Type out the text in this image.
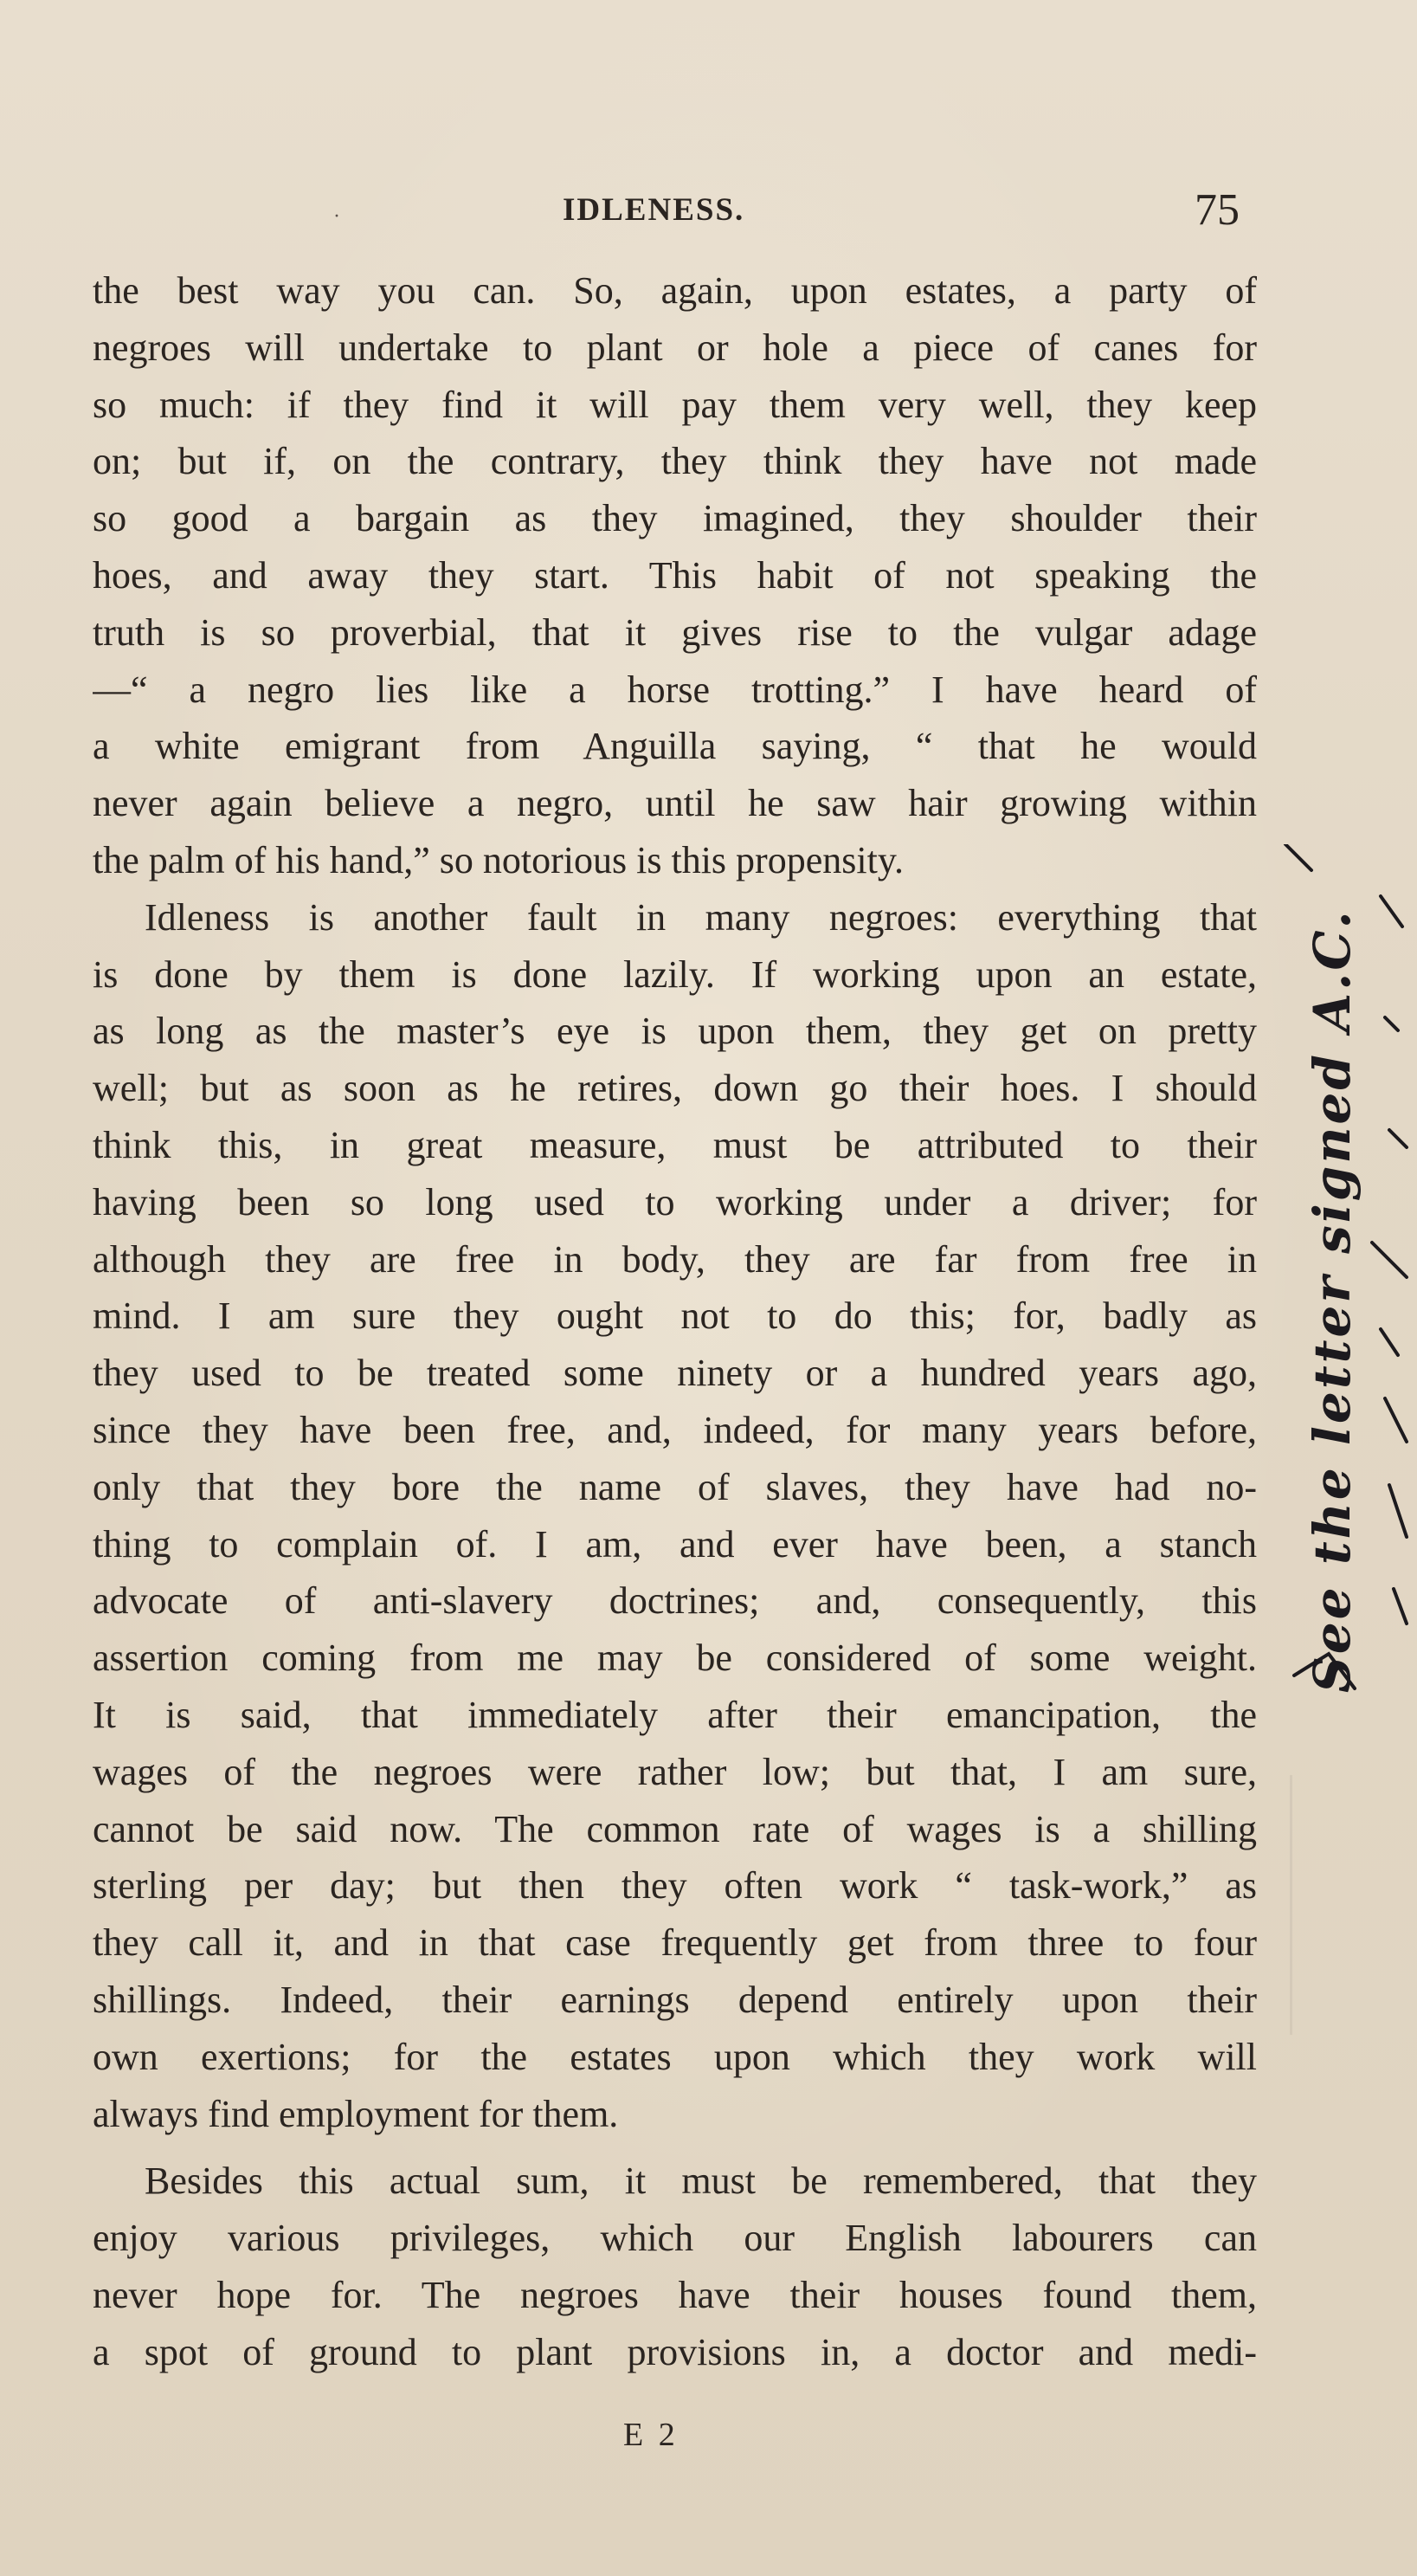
·	IDLENESS.	75
the best way you can. So, again, upon estates, a party of
negroes will undertake to plant or hole a piece of canes for
so much: if they find it will pay them very well, they keep
on; but if, on the contrary, they think they have not made
so good a bargain as they imagined, they shoulder their
hoes, and away they start. This habit of not speaking the
truth is so proverbial, that it gives rise to the vulgar adage
—“ a negro lies like a horse trotting.” I have heard of
a white emigrant from Anguilla saying, “ that he would
never again believe a negro, until he saw hair growing within
the palm of his hand,” so notorious is this propensity.
Idleness is another fault in many negroes: everything that
is done by them is done lazily. If working upon an estate,
as long as the master’s eye is upon them, they get on pretty
well; but as soon as he retires, down go their hoes. I should
think this, in great measure, must be attributed to their
having been so long used to working under a driver; for
although they are free in body, they are far from free in
mind. I am sure they ought not to do this; for, badly as
they used to be treated some ninety or a hundred years ago,
since they have been free, and, indeed, for many years before,
only that they bore the name of slaves, they have had no-
thing to complain of. I am, and ever have been, a stanch
advocate of anti-slavery doctrines; and, consequently, this
assertion coming from me may be considered of some weight.
It is said, that immediately after their emancipation, the
wages of the negroes were rather low; but that, I am sure,
cannot be said now. The common rate of wages is a shilling
sterling per day; but then they often work “ task-work,” as
they call it, and in that case frequently get from three to four
shillings. Indeed, their earnings depend entirely upon their
own exertions; for the estates upon which they work will
always find employment for them.
Besides this actual sum, it must be remembered, that they
enjoy various privileges, which our English labourers can
never hope for. The negroes have their houses found them,
a spot of ground to plant provisions in, a doctor and medi-
E 2
See the letter signed A.C.
